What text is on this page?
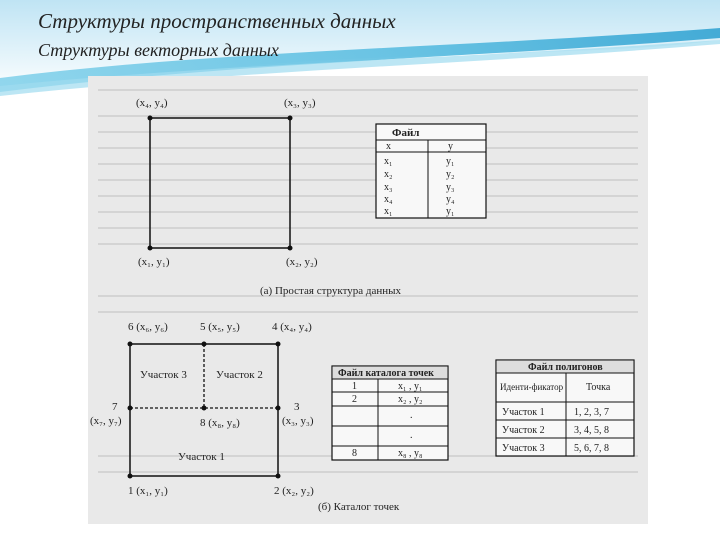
Структуры пространственных данных
Структуры векторных данных
(x₄, y₄)	(x₃, y₃)
(x₁, y₁)	(x₂, y₂)
Файл
x	y
x₁	y₁
x₂	y₂
x₃	y₃
x₄	y₄
x₁	y₁
(а) Простая структура данных
6 (x₆, y₆)	5 (x₅, y₅)	4 (x₄, y₄)
7
(x₇, y₇)	8 (x₈, y₈)
3
(x₃, y₃)
1 (x₁, y₁)	2 (x₂, y₂)
Участок 3	Участок 2
Участок 1
Файл каталога точек
1	x₁ , y₁
2	x₂ , y₂
.
.
8	x₈ , y₈
Файл полигонов
Иденти-фикатор Точка
Участок 1	1, 2, 3, 7
Участок 2	3, 4, 5, 8
Участок 3	5, 6, 7, 8
(б) Каталог точек
